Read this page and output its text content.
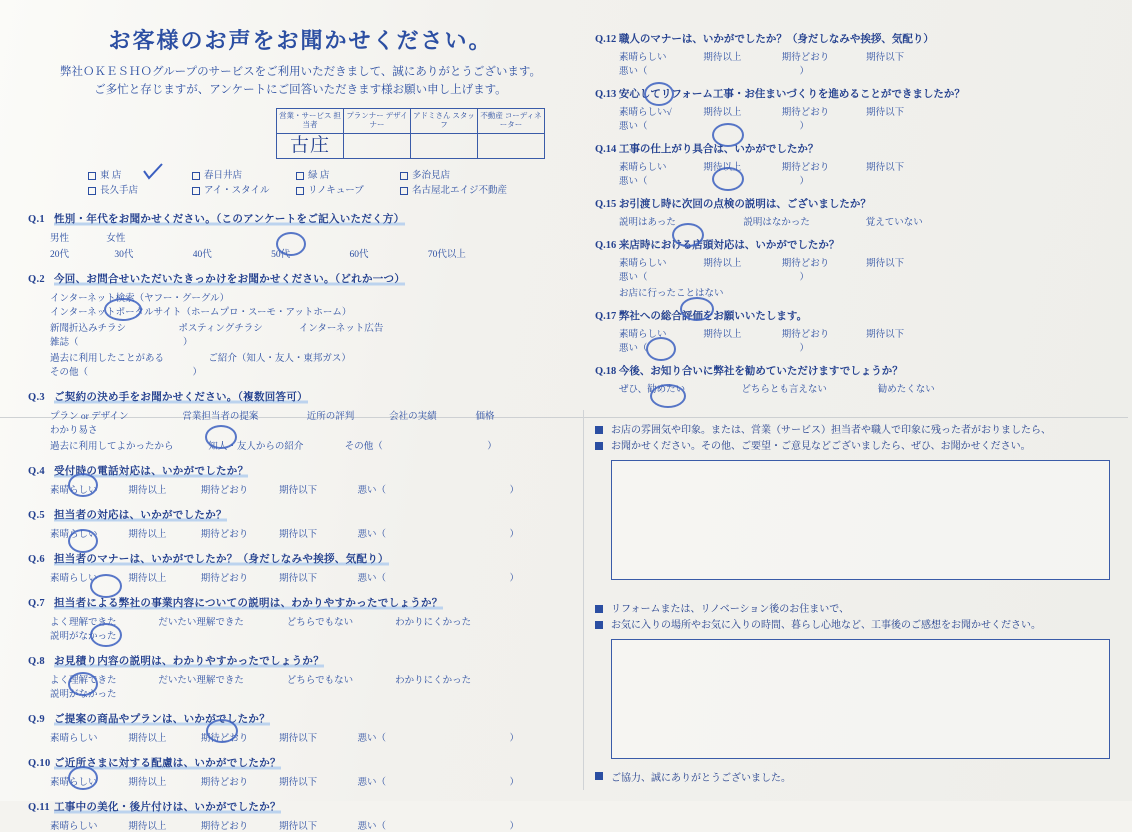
お客様のお声をお聞かせください。
弊社ＯＫＥＳＨＯグループのサービスをご利用いただきまして、誠にありがとうございます。
ご多忙と存じますが、アンケートにご回答いただきます様お願い申し上げます。
営業・サービス 担当者	プランナー デザイナー	アドミさん スタッフ	不動産 コーディネーター
古庄			
東 店	春日井店	緑 店	多治見店
長久手店	アイ・スタイル	リノキューブ	名古屋北エイジ不動産
Q.1 性別・年代をお聞かせください。（このアンケートをご記入いただく方）
男性	女性
20代	30代	40代	50代	60代	70代以上
Q.2 今回、お問合せいただいたきっかけをお聞かせください。（どれか一つ）
インターネット検索（ヤフー・グーグル） インターネットポータルサイト（ホームプロ・スーモ・アットホーム）
新聞折込みチラシ	ポスティングチラシ	インターネット広告 雑誌（　　　　　　　　　　　）
過去に利用したことがある	ご紹介（知人・友人・東邦ガス） その他（　　　　　　　　　　　）
Q.3 ご契約の決め手をお聞かせください。（複数回答可）
プラン or デザイン	営業担当者の提案	近所の評判	会社の実績	価格 わかり易さ
過去に利用してよかったから	知人・友人からの紹介	その他（　　　　　　　　　　　）
Q.4 受付時の電話対応は、いかがでしたか？
素晴らしい	期待以上	期待どおり	期待以下	悪い（　　　　　　　　　　　　　）
Q.5 担当者の対応は、いかがでしたか？
素晴らしい	期待以上	期待どおり	期待以下	悪い（　　　　　　　　　　　　　）
Q.6 担当者のマナーは、いかがでしたか？（身だしなみや挨拶、気配り）
素晴らしい	期待以上	期待どおり	期待以下	悪い（　　　　　　　　　　　　　）
Q.7 担当者による弊社の事業内容についての説明は、わかりやすかったでしょうか？
よく理解できた	だいたい理解できた	どちらでもない	わかりにくかった 説明がなかった
Q.8 お見積り内容の説明は、わかりやすかったでしょうか？
よく理解できた	だいたい理解できた	どちらでもない	わかりにくかった 説明がなかった
Q.9 ご提案の商品やプランは、いかがでしたか？
素晴らしい	期待以上	期待どおり	期待以下	悪い（　　　　　　　　　　　　　）
Q.10 ご近所さまに対する配慮は、いかがでしたか？
素晴らしい	期待以上	期待どおり	期待以下	悪い（　　　　　　　　　　　　　）
Q.11 工事中の美化・後片付けは、いかがでしたか？
素晴らしい	期待以上	期待どおり	期待以下	悪い（　　　　　　　　　　　　　）
Q.12 職人のマナーは、いかがでしたか？（身だしなみや挨拶、気配り）
素晴らしい	期待以上	期待どおり	期待以下 悪い（　　　　　　　　　　　　　　　　）
Q.13 安心してリフォーム工事・お住まいづくりを進めることができましたか？
素晴らしい√	期待以上	期待どおり	期待以下 悪い（　　　　　　　　　　　　　　　　）
Q.14 工事の仕上がり具合は、いかがでしたか？
素晴らしい	期待以上	期待どおり	期待以下 悪い（　　　　　　　　　　　　　　　　）
Q.15 お引渡し時に次回の点検の説明は、ございましたか？
説明はあった	説明はなかった	覚えていない
Q.16 来店時における店頭対応は、いかがでしたか？
素晴らしい	期待以上	期待どおり	期待以下 悪い（　　　　　　　　　　　　　　　　）
お店に行ったことはない
Q.17 弊社への総合評価をお願いいたします。
素晴らしい	期待以上	期待どおり	期待以下 悪い（　　　　　　　　　　　　　　　　）
Q.18 今後、お知り合いに弊社を勧めていただけますでしょうか？
ぜひ、勧めたい	どちらとも言えない	勧めたくない
お店の雰囲気や印象。または、営業（サービス）担当者や職人で印象に残った者がおりましたら、
お聞かせください。その他、ご要望・ご意見などございましたら、ぜひ、お聞かせください。
リフォームまたは、リノベーション後のお住まいで、
お気に入りの場所やお気に入りの時間、暮らし心地など、工事後のご感想をお聞かせください。
ご協力、誠にありがとうございました。
